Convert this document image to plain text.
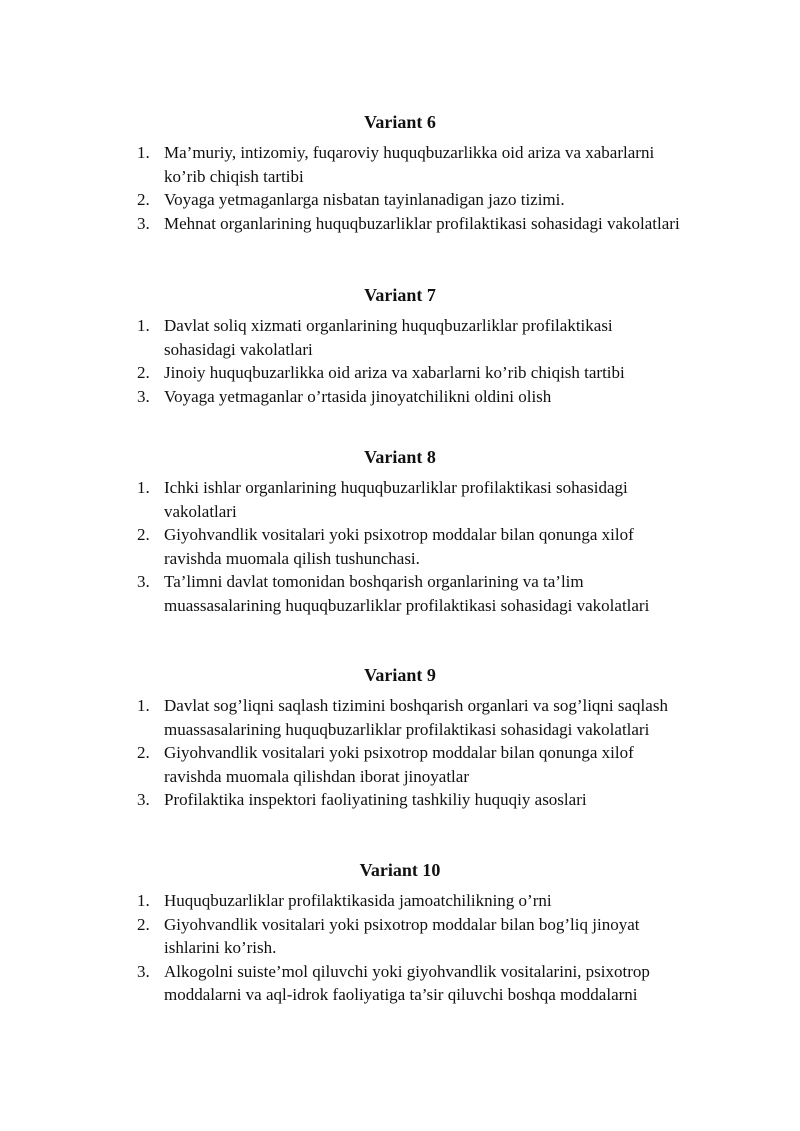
Variant 6
1. Ma’muriy, intizomiy, fuqaroviy huquqbuzarlikka oid ariza va xabarlarni
ko’rib chiqish tartibi
2. Voyaga yetmaganlarga nisbatan tayinlanadigan jazo tizimi.
3. Mehnat organlarining huquqbuzarliklar profilaktikasi sohasidagi vakolatlari
Variant 7
1. Davlat soliq xizmati organlarining huquqbuzarliklar profilaktikasi
sohasidagi vakolatlari
2. Jinoiy huquqbuzarlikka oid ariza va xabarlarni ko’rib chiqish tartibi
3. Voyaga yetmaganlar o’rtasida jinoyatchilikni oldini olish
Variant 8
1. Ichki ishlar organlarining huquqbuzarliklar profilaktikasi sohasidagi
vakolatlari
2. Giyohvandlik vositalari yoki psixotrop moddalar bilan qonunga xilof
ravishda muomala qilish tushunchasi.
3. Ta’limni davlat tomonidan boshqarish organlarining va ta’lim
muassasalarining huquqbuzarliklar profilaktikasi sohasidagi vakolatlari
Variant 9
1. Davlat sog’liqni saqlash tizimini boshqarish organlari va sog’liqni saqlash
muassasalarining huquqbuzarliklar profilaktikasi sohasidagi vakolatlari
2. Giyohvandlik vositalari yoki psixotrop moddalar bilan qonunga xilof
ravishda muomala qilishdan iborat jinoyatlar
3. Profilaktika inspektori faoliyatining tashkiliy huquqiy asoslari
Variant 10
1. Huquqbuzarliklar profilaktikasida jamoatchilikning o’rni
2. Giyohvandlik vositalari yoki psixotrop moddalar bilan bog’liq jinoyat
ishlarini ko’rish.
3. Alkogolni suiste’mol qiluvchi yoki giyohvandlik vositalarini, psixotrop
moddalarni va aql-idrok faoliyatiga ta’sir qiluvchi boshqa moddalarni
